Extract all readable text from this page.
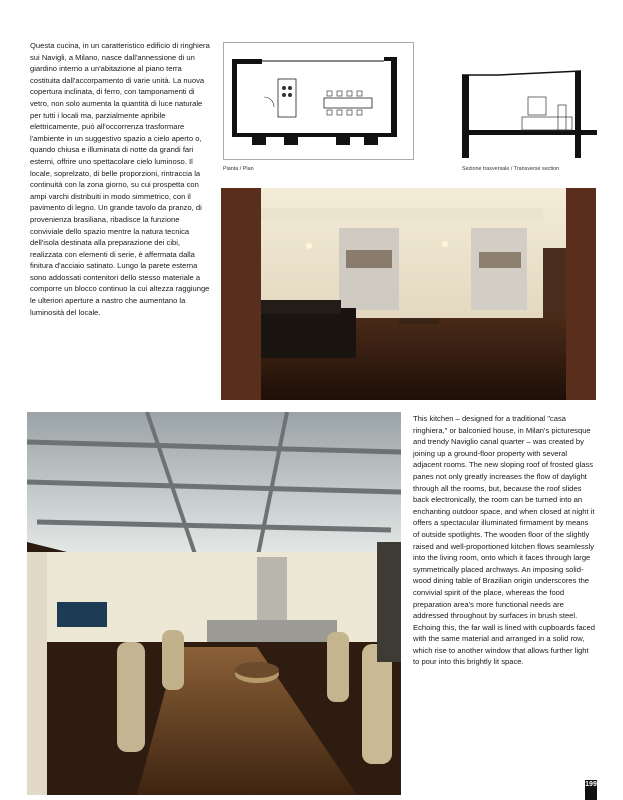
Questa cucina, in un caratteristico edificio di ringhiera sui Navigli, a Milano, nasce dall'annessione di un giardino interno a un'abitazione al piano terra costituita dall'accorpamento di varie unità. La nuova copertura inclinata, di ferro, con tamponamenti di vetro, non solo aumenta la quantità di luce naturale per tutti i locali ma, parzialmente apribile elettricamente, può all'occorrenza trasformare l'ambiente in un suggestivo spazio a cielo aperto o, quando chiusa e illuminata di notte da grandi fari esterni, offrire uno spettacolare cielo luminoso. Il locale, soprelzato, di belle proporzioni, rintraccia la continuità con la zona giorno, su cui prospetta con ampi varchi distribuiti in modo simmetrico, con il pavimento di legno. Un grande tavolo da pranzo, di provenienza brasiliana, ribadisce la funzione conviviale dello spazio mentre la natura tecnica dell'isola destinata alla preparazione dei cibi, realizzata con elementi di serie, è affermata dalla finitura d'acciaio satinato. Lungo la parete esterna sono addossati contenitori dello stesso materiale a comporre un blocco continuo la cui altezza raggiunge le ulteriori aperture a nastro che aumentano la luminosità del locale.
Pianta / Plan	Sezione trasversale / Transverse section
This kitchen – designed for a traditional "casa ringhiera," or balconied house, in Milan's picturesque and trendy Naviglio canal quarter – was created by joining up a ground-floor property with several adjacent rooms. The new sloping roof of frosted glass panes not only greatly increases the flow of daylight through all the rooms, but, because the roof slides back electronically, the room can be turned into an enchanting outdoor space, and when closed at night it offers a spectacular illuminated firmament by means of outside spotlights. The wooden floor of the slightly raised and well-proportioned kitchen flows seamlessly into the living room, onto which it faces through large symmetrically placed archways. An imposing solid-wood dining table of Brazilian origin underscores the convivial spirit of the place, whereas the food preparation area's more functional needs are addressed throughout by surfaces in brush steel. Echoing this, the far wall is lined with cupboards faced with the same material and arranged in a solid row, which rise to another window that allows further light to pour into this brightly lit space.
199
